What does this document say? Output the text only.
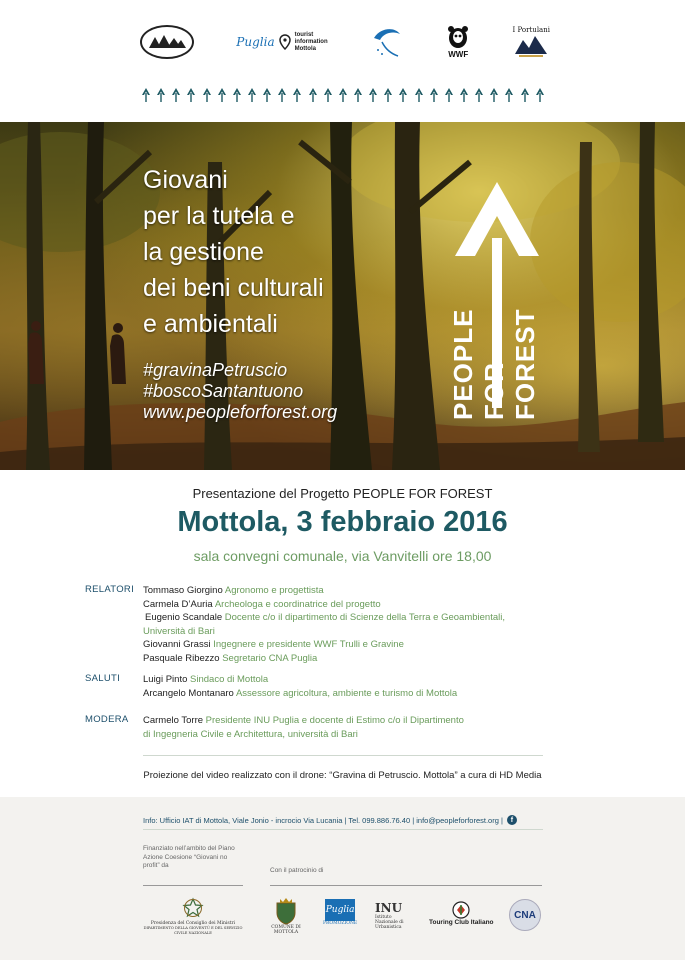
Puglia
tourist
information
Mottola
WWF
I Portulani
Giovani
per la tutela e
la gestione
dei beni culturali
e ambientali
#gravinaPetruscio
#boscoSantantuono
www.peopleforforest.org	PEOPLE FOREST
FOR
Presentazione del Progetto PEOPLE FOR FOREST
Mottola, 3 febbraio 2016
sala convegni comunale, via Vanvitelli ore 18,00
RELATORI Tommaso Giorgino Agronomo e progettista
Carmela D’Auria Archeologa e coordinatrice del progetto
Eugenio Scandale Docente c/o il dipartimento di Scienze della Terra e Geoambientali,
Università di Bari
Giovanni Grassi Ingegnere e presidente WWF Trulli e Gravine
Pasquale Ribezzo Segretario CNA Puglia
SALUTI Luigi Pinto Sindaco di Mottola
Arcangelo Montanaro Assessore agricoltura, ambiente e turismo di Mottola
MODERA Carmelo Torre Presidente INU Puglia e docente di Estimo c/o il Dipartimento
di Ingegneria Civile e Architettura, università di Bari
Proiezione del video realizzato con il drone: “Gravina di Petruscio. Mottola” a cura di HD Media
Info: Ufficio IAT di Mottola, Viale Jonio - incrocio Via Lucania | Tel. 099.886.76.40 | info@peopleforforest.org |	f
Finanziato nell’ambito del Piano Azione Coesione “Giovani no profit” da
Con il patrocinio di
Presidenza del Consiglio dei Ministri
DIPARTIMENTO DELLA GIOVENTÙ E DEL SERVIZIO CIVILE NAZIONALE
COMUNE DI MOTTOLA
Puglia
PROMOZIONE
INU
Istituto Nazionale di Urbanistica
Touring Club Italiano
CNA
